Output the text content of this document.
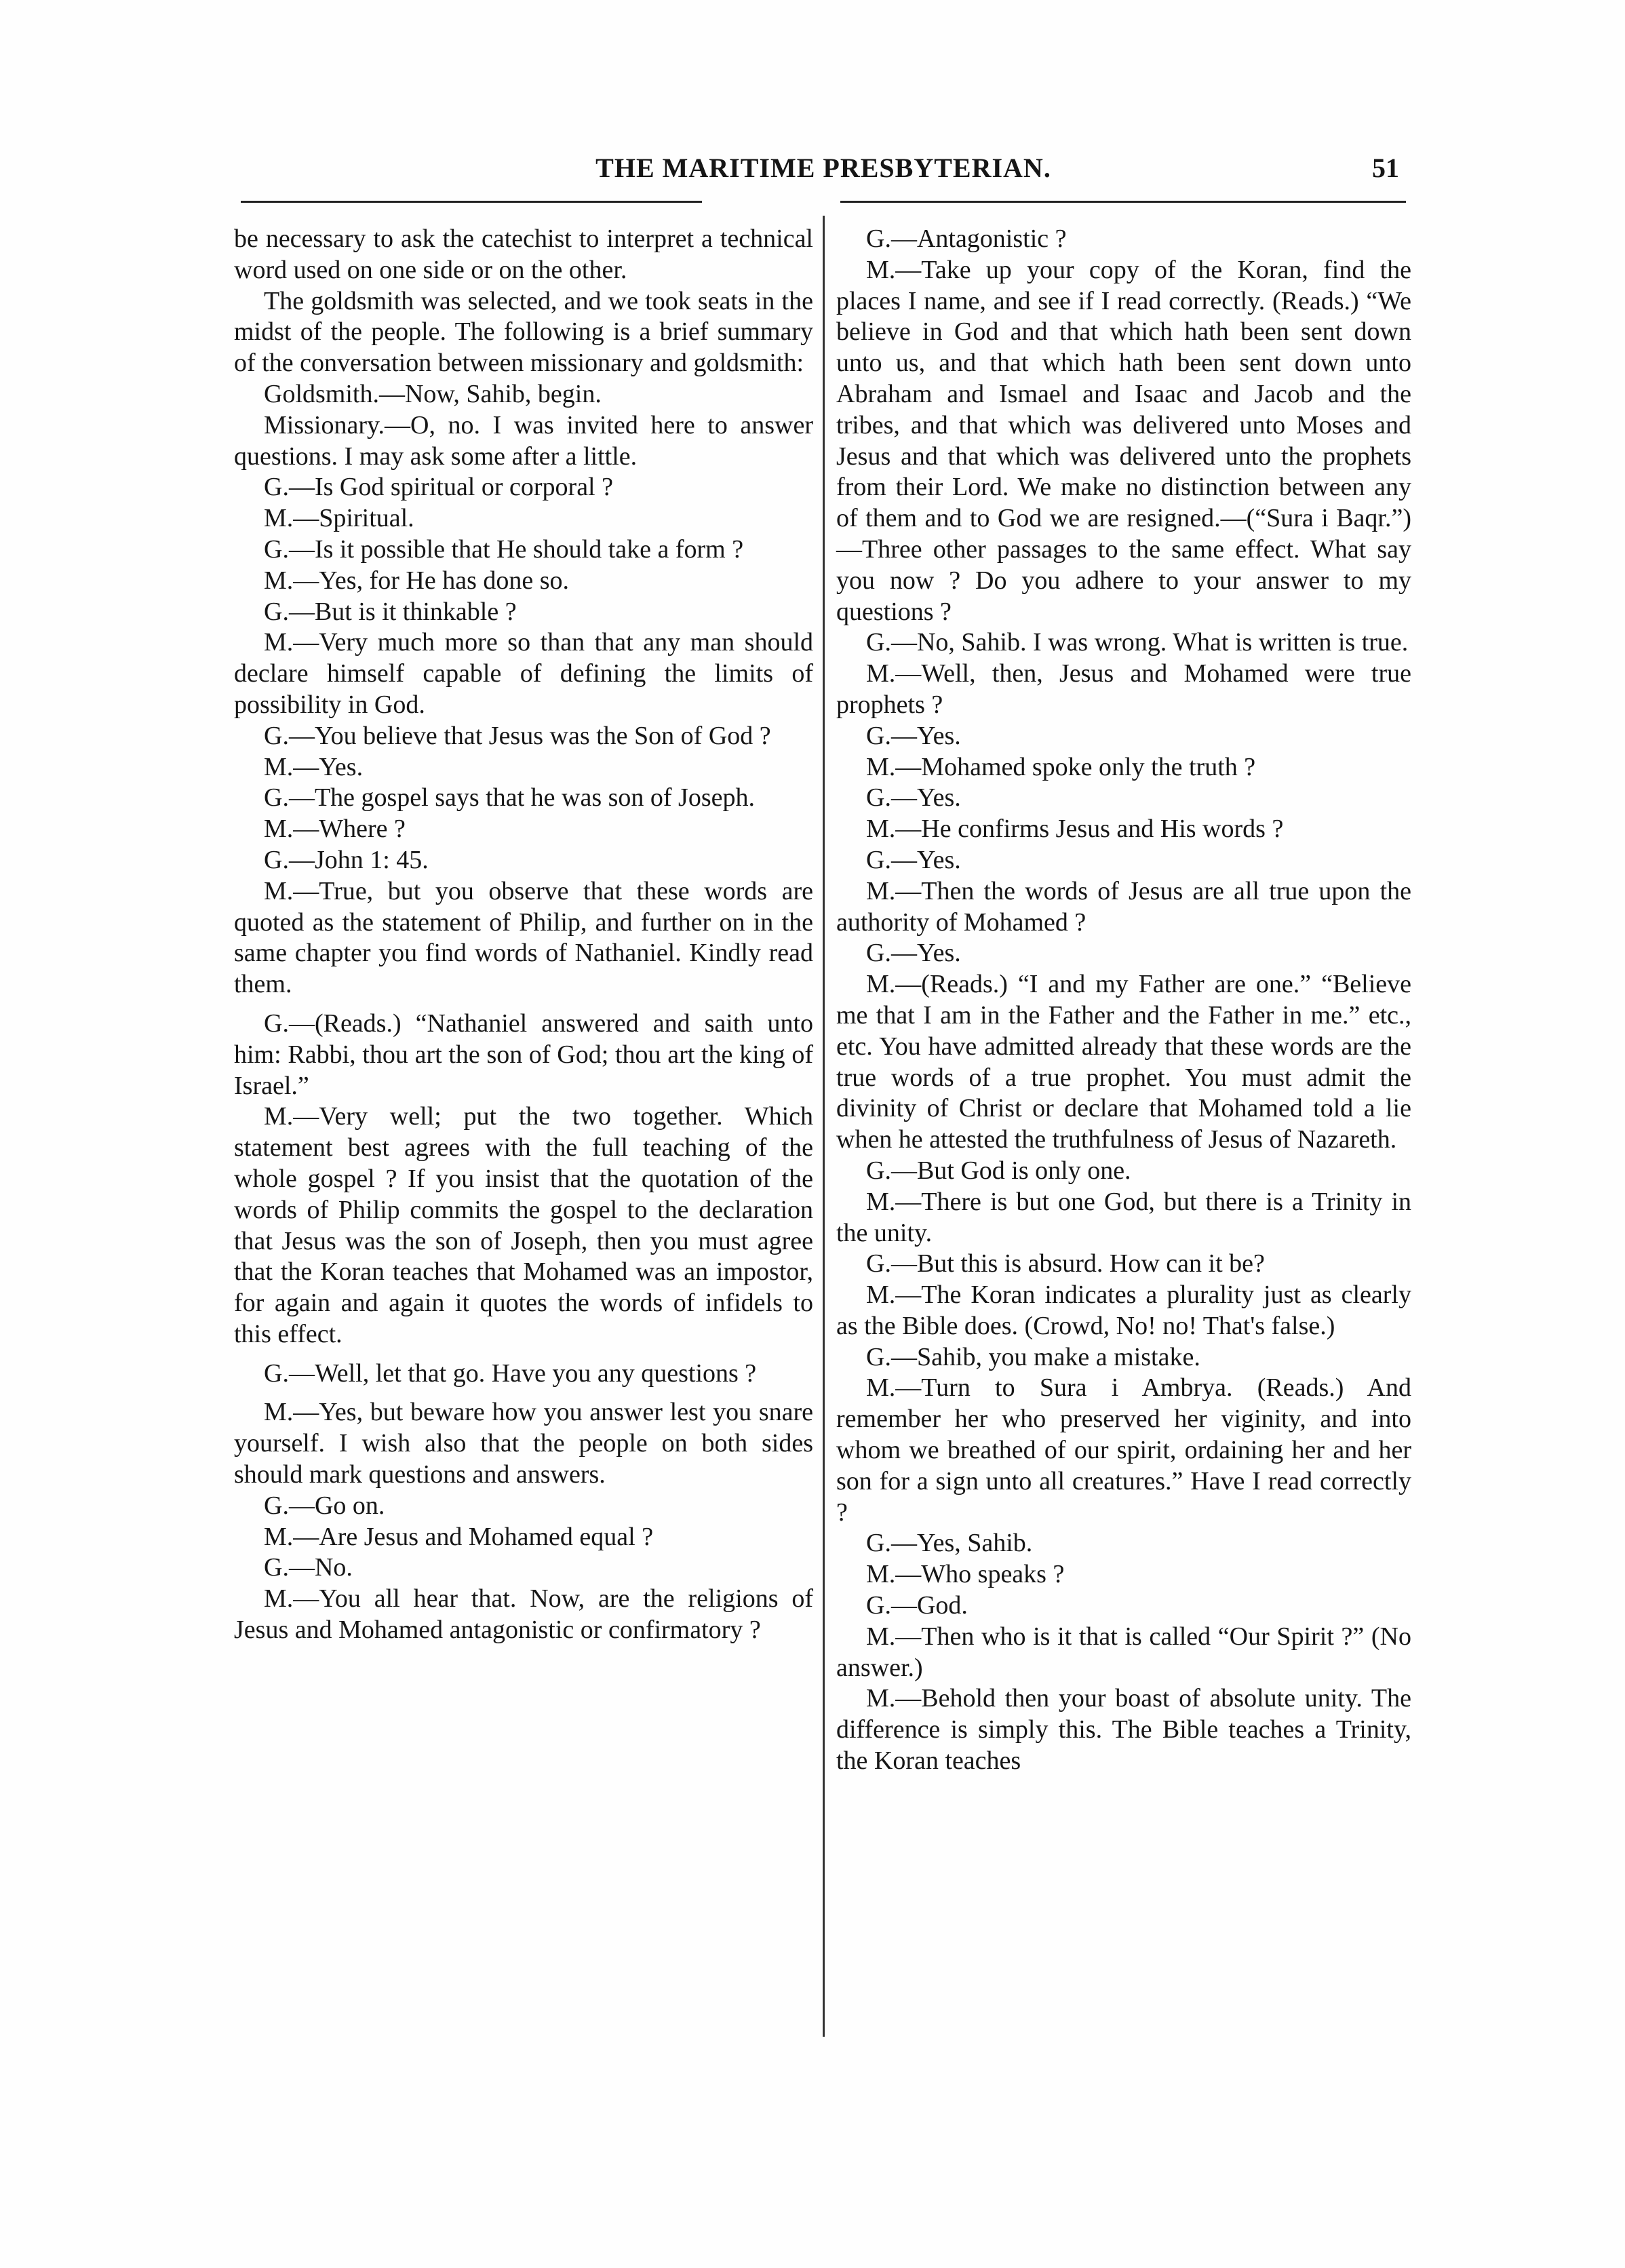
THE MARITIME PRESBYTERIAN.	51

be necessary to ask the catechist to interpret a technical word used on one side or on the other.

The goldsmith was selected, and we took seats in the midst of the people. The following is a brief summary of the conversation between missionary and goldsmith:

Goldsmith.—Now, Sahib, begin.

Missionary.—O, no. I was invited here to answer questions. I may ask some after a little.

G.—Is God spiritual or corporal ?

M.—Spiritual.

G.—Is it possible that He should take a form ?

M.—Yes, for He has done so.

G.—But is it thinkable ?

M.—Very much more so than that any man should declare himself capable of defining the limits of possibility in God.

G.—You believe that Jesus was the Son of God ?

M.—Yes.

G.—The gospel says that he was son of Joseph.

M.—Where ?

G.—John 1: 45.

M.—True, but you observe that these words are quoted as the statement of Philip, and further on in the same chapter you find words of Nathaniel. Kindly read them.

G.—(Reads.) “Nathaniel answered and saith unto him: Rabbi, thou art the son of God; thou art the king of Israel.”

M.—Very well; put the two together. Which statement best agrees with the full teaching of the whole gospel ? If you insist that the quotation of the words of Philip commits the gospel to the declaration that Jesus was the son of Joseph, then you must agree that the Koran teaches that Mohamed was an impostor, for again and again it quotes the words of infidels to this effect.

G.—Well, let that go. Have you any questions ?

M.—Yes, but beware how you answer lest you snare yourself. I wish also that the people on both sides should mark questions and answers.

G.—Go on.

M.—Are Jesus and Mohamed equal ?

G.—No.

M.—You all hear that. Now, are the religions of Jesus and Mohamed antagonistic or confirmatory ?

G.—Antagonistic ?

M.—Take up your copy of the Koran, find the places I name, and see if I read correctly. (Reads.) “We believe in God and that which hath been sent down unto us, and that which hath been sent down unto Abraham and Ismael and Isaac and Jacob and the tribes, and that which was delivered unto Moses and Jesus and that which was delivered unto the prophets from their Lord. We make no distinction between any of them and to God we are resigned.—(“Sura i Baqr.”)—Three other passages to the same effect. What say you now ? Do you adhere to your answer to my questions ?

G.—No, Sahib. I was wrong. What is written is true.

M.—Well, then, Jesus and Mohamed were true prophets ?

G.—Yes.

M.—Mohamed spoke only the truth ?

G.—Yes.

M.—He confirms Jesus and His words ?

G.—Yes.

M.—Then the words of Jesus are all true upon the authority of Mohamed ?

G.—Yes.

M.—(Reads.) “I and my Father are one.” “Believe me that I am in the Father and the Father in me.” etc., etc. You have admitted already that these words are the true words of a true prophet. You must admit the divinity of Christ or declare that Mohamed told a lie when he attested the truthfulness of Jesus of Nazareth.

G.—But God is only one.

M.—There is but one God, but there is a Trinity in the unity.

G.—But this is absurd. How can it be?

M.—The Koran indicates a plurality just as clearly as the Bible does. (Crowd, No! no! That's false.)

G.—Sahib, you make a mistake.

M.—Turn to Sura i Ambrya. (Reads.) And remember her who preserved her viginity, and into whom we breathed of our spirit, ordaining her and her son for a sign unto all creatures.” Have I read correctly ?

G.—Yes, Sahib.

M.—Who speaks ?

G.—God.

M.—Then who is it that is called “Our Spirit ?” (No answer.)

M.—Behold then your boast of absolute unity. The difference is simply this. The Bible teaches a Trinity, the Koran teaches
